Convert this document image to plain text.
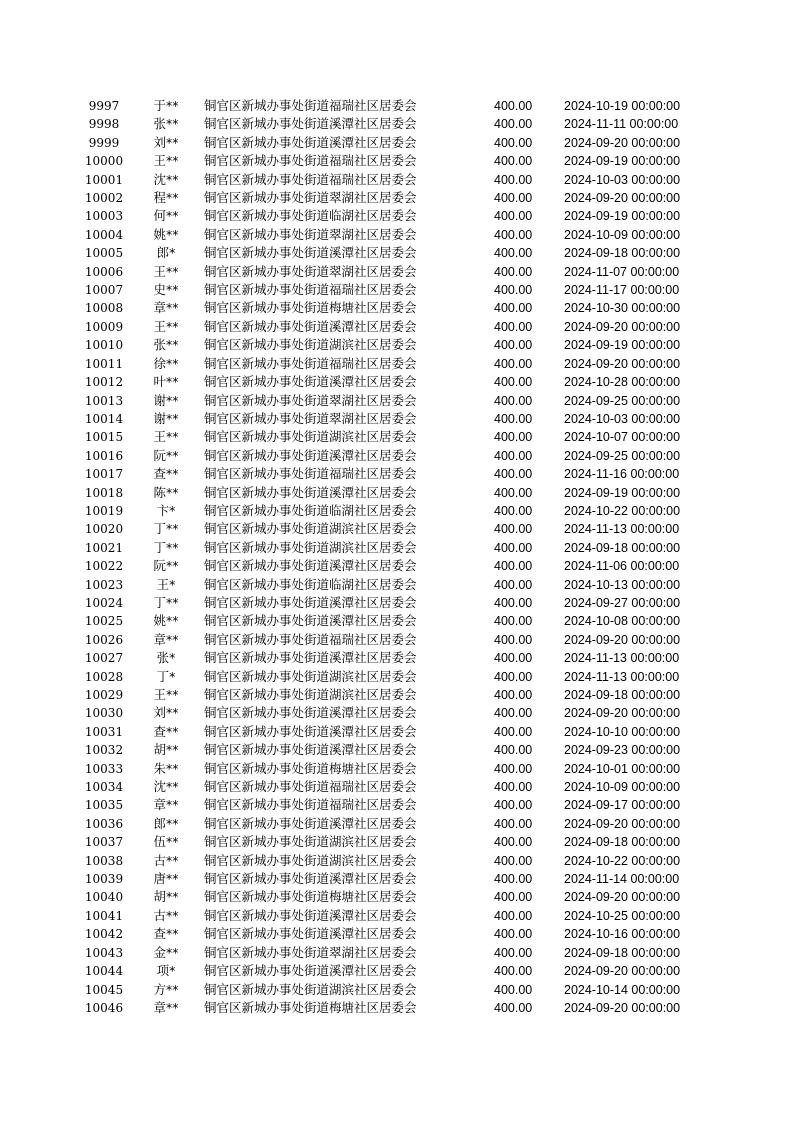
9997	于**	铜官区新城办事处街道福瑞社区居委会	400.00	2024-10-19 00:00:00
9998	张**	铜官区新城办事处街道溪潭社区居委会	400.00	2024-11-11 00:00:00
9999	刘**	铜官区新城办事处街道溪潭社区居委会	400.00	2024-09-20 00:00:00
10000	王**	铜官区新城办事处街道福瑞社区居委会	400.00	2024-09-19 00:00:00
10001	沈**	铜官区新城办事处街道福瑞社区居委会	400.00	2024-10-03 00:00:00
10002	程**	铜官区新城办事处街道翠湖社区居委会	400.00	2024-09-20 00:00:00
10003	何**	铜官区新城办事处街道临湖社区居委会	400.00	2024-09-19 00:00:00
10004	姚**	铜官区新城办事处街道翠湖社区居委会	400.00	2024-10-09 00:00:00
10005	郎*	铜官区新城办事处街道溪潭社区居委会	400.00	2024-09-18 00:00:00
10006	王**	铜官区新城办事处街道翠湖社区居委会	400.00	2024-11-07 00:00:00
10007	史**	铜官区新城办事处街道福瑞社区居委会	400.00	2024-11-17 00:00:00
10008	章**	铜官区新城办事处街道梅塘社区居委会	400.00	2024-10-30 00:00:00
10009	王**	铜官区新城办事处街道溪潭社区居委会	400.00	2024-09-20 00:00:00
10010	张**	铜官区新城办事处街道湖滨社区居委会	400.00	2024-09-19 00:00:00
10011	徐**	铜官区新城办事处街道福瑞社区居委会	400.00	2024-09-20 00:00:00
10012	叶**	铜官区新城办事处街道溪潭社区居委会	400.00	2024-10-28 00:00:00
10013	谢**	铜官区新城办事处街道翠湖社区居委会	400.00	2024-09-25 00:00:00
10014	谢**	铜官区新城办事处街道翠湖社区居委会	400.00	2024-10-03 00:00:00
10015	王**	铜官区新城办事处街道湖滨社区居委会	400.00	2024-10-07 00:00:00
10016	阮**	铜官区新城办事处街道溪潭社区居委会	400.00	2024-09-25 00:00:00
10017	查**	铜官区新城办事处街道福瑞社区居委会	400.00	2024-11-16 00:00:00
10018	陈**	铜官区新城办事处街道溪潭社区居委会	400.00	2024-09-19 00:00:00
10019	卞*	铜官区新城办事处街道临湖社区居委会	400.00	2024-10-22 00:00:00
10020	丁**	铜官区新城办事处街道湖滨社区居委会	400.00	2024-11-13 00:00:00
10021	丁**	铜官区新城办事处街道湖滨社区居委会	400.00	2024-09-18 00:00:00
10022	阮**	铜官区新城办事处街道溪潭社区居委会	400.00	2024-11-06 00:00:00
10023	王*	铜官区新城办事处街道临湖社区居委会	400.00	2024-10-13 00:00:00
10024	丁**	铜官区新城办事处街道溪潭社区居委会	400.00	2024-09-27 00:00:00
10025	姚**	铜官区新城办事处街道溪潭社区居委会	400.00	2024-10-08 00:00:00
10026	章**	铜官区新城办事处街道福瑞社区居委会	400.00	2024-09-20 00:00:00
10027	张*	铜官区新城办事处街道溪潭社区居委会	400.00	2024-11-13 00:00:00
10028	丁*	铜官区新城办事处街道湖滨社区居委会	400.00	2024-11-13 00:00:00
10029	王**	铜官区新城办事处街道湖滨社区居委会	400.00	2024-09-18 00:00:00
10030	刘**	铜官区新城办事处街道溪潭社区居委会	400.00	2024-09-20 00:00:00
10031	查**	铜官区新城办事处街道溪潭社区居委会	400.00	2024-10-10 00:00:00
10032	胡**	铜官区新城办事处街道溪潭社区居委会	400.00	2024-09-23 00:00:00
10033	朱**	铜官区新城办事处街道梅塘社区居委会	400.00	2024-10-01 00:00:00
10034	沈**	铜官区新城办事处街道福瑞社区居委会	400.00	2024-10-09 00:00:00
10035	章**	铜官区新城办事处街道福瑞社区居委会	400.00	2024-09-17 00:00:00
10036	郎**	铜官区新城办事处街道溪潭社区居委会	400.00	2024-09-20 00:00:00
10037	伍**	铜官区新城办事处街道湖滨社区居委会	400.00	2024-09-18 00:00:00
10038	古**	铜官区新城办事处街道湖滨社区居委会	400.00	2024-10-22 00:00:00
10039	唐**	铜官区新城办事处街道溪潭社区居委会	400.00	2024-11-14 00:00:00
10040	胡**	铜官区新城办事处街道梅塘社区居委会	400.00	2024-09-20 00:00:00
10041	古**	铜官区新城办事处街道溪潭社区居委会	400.00	2024-10-25 00:00:00
10042	查**	铜官区新城办事处街道溪潭社区居委会	400.00	2024-10-16 00:00:00
10043	金**	铜官区新城办事处街道翠湖社区居委会	400.00	2024-09-18 00:00:00
10044	项*	铜官区新城办事处街道溪潭社区居委会	400.00	2024-09-20 00:00:00
10045	方**	铜官区新城办事处街道湖滨社区居委会	400.00	2024-10-14 00:00:00
10046	章**	铜官区新城办事处街道梅塘社区居委会	400.00	2024-09-20 00:00:00
